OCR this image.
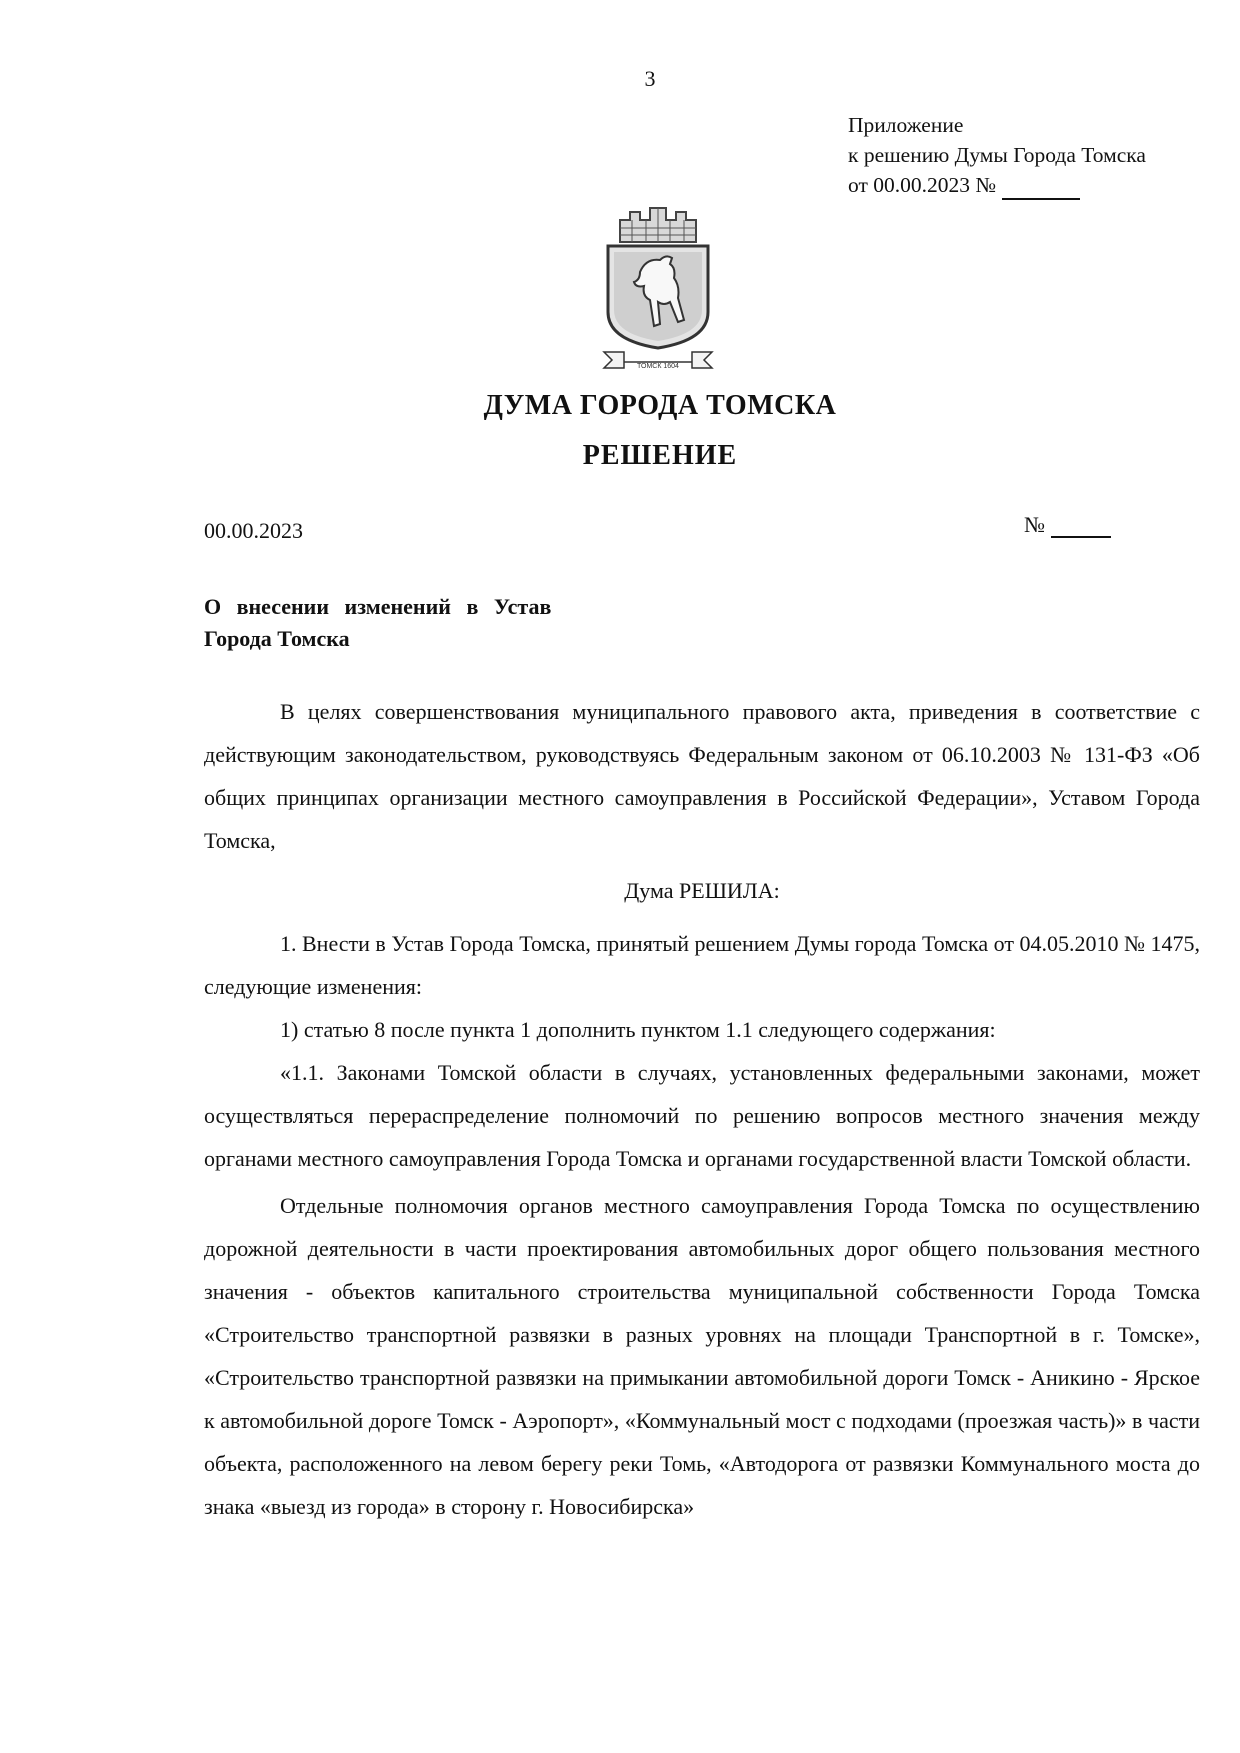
3
Приложение
к решению Думы Города Томска
от 00.00.2023 №
ТОМСК 1604
ДУМА ГОРОДА ТОМСКА
РЕШЕНИЕ
00.00.2023	№
О внесении изменений в Устав
Города Томска

В целях совершенствования муниципального правового акта, приведения в соответствие с действующим законодательством, руководствуясь Федеральным законом от 06.10.2003 № 131-ФЗ «Об общих принципах организации местного самоуправления в Российской Федерации», Уставом Города Томска,

Дума РЕШИЛА:

1. Внести в Устав Города Томска, принятый решением Думы города Томска от 04.05.2010 № 1475, следующие изменения:

1) статью 8 после пункта 1 дополнить пунктом 1.1 следующего содержания:

«1.1. Законами Томской области в случаях, установленных федеральными законами, может осуществляться перераспределение полномочий по решению вопросов местного значения между органами местного самоуправления Города Томска и органами государственной власти Томской области.

Отдельные полномочия органов местного самоуправления Города Томска по осуществлению дорожной деятельности в части проектирования автомобильных дорог общего пользования местного значения - объектов капитального строительства муниципальной собственности Города Томска «Строительство транспортной развязки в разных уровнях на площади Транспортной в г. Томске», «Строительство транспортной развязки на примыкании автомобильной дороги Томск - Аникино - Ярское к автомобильной дороге Томск - Аэропорт», «Коммунальный мост с подходами (проезжая часть)» в части объекта, расположенного на левом берегу реки Томь, «Автодорога от развязки Коммунального моста до знака «выезд из города» в сторону г. Новосибирска»
